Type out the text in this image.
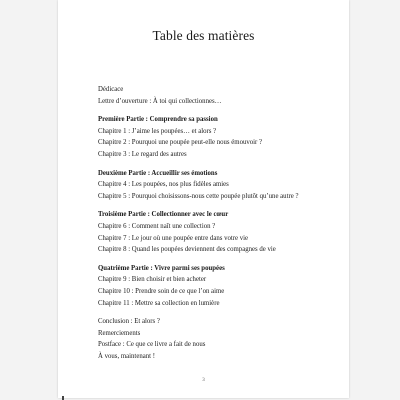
Table des matières
Dédicace
Lettre d’ouverture : À toi qui collectionnes…
Première Partie : Comprendre sa passion
Chapitre 1 : J’aime les poupées… et alors ?
Chapitre 2 : Pourquoi une poupée peut-elle nous émouvoir ?
Chapitre 3 : Le regard des autres
Deuxième Partie : Accueillir ses émotions
Chapitre 4 : Les poupées, nos plus fidèles amies
Chapitre 5 : Pourquoi choisissons-nous cette poupée plutôt qu’une autre ?
Troisième Partie : Collectionner avec le cœur
Chapitre 6 : Comment naît une collection ?
Chapitre 7 : Le jour où une poupée entre dans votre vie
Chapitre 8 : Quand les poupées deviennent des compagnes de vie
Quatrième Partie : Vivre parmi ses poupées
Chapitre 9 : Bien choisir et bien acheter
Chapitre 10 : Prendre soin de ce que l’on aime
Chapitre 11 : Mettre sa collection en lumière
Conclusion : Et alors ?
Remerciements
Postface : Ce que ce livre a fait de nous
À vous, maintenant !
3
